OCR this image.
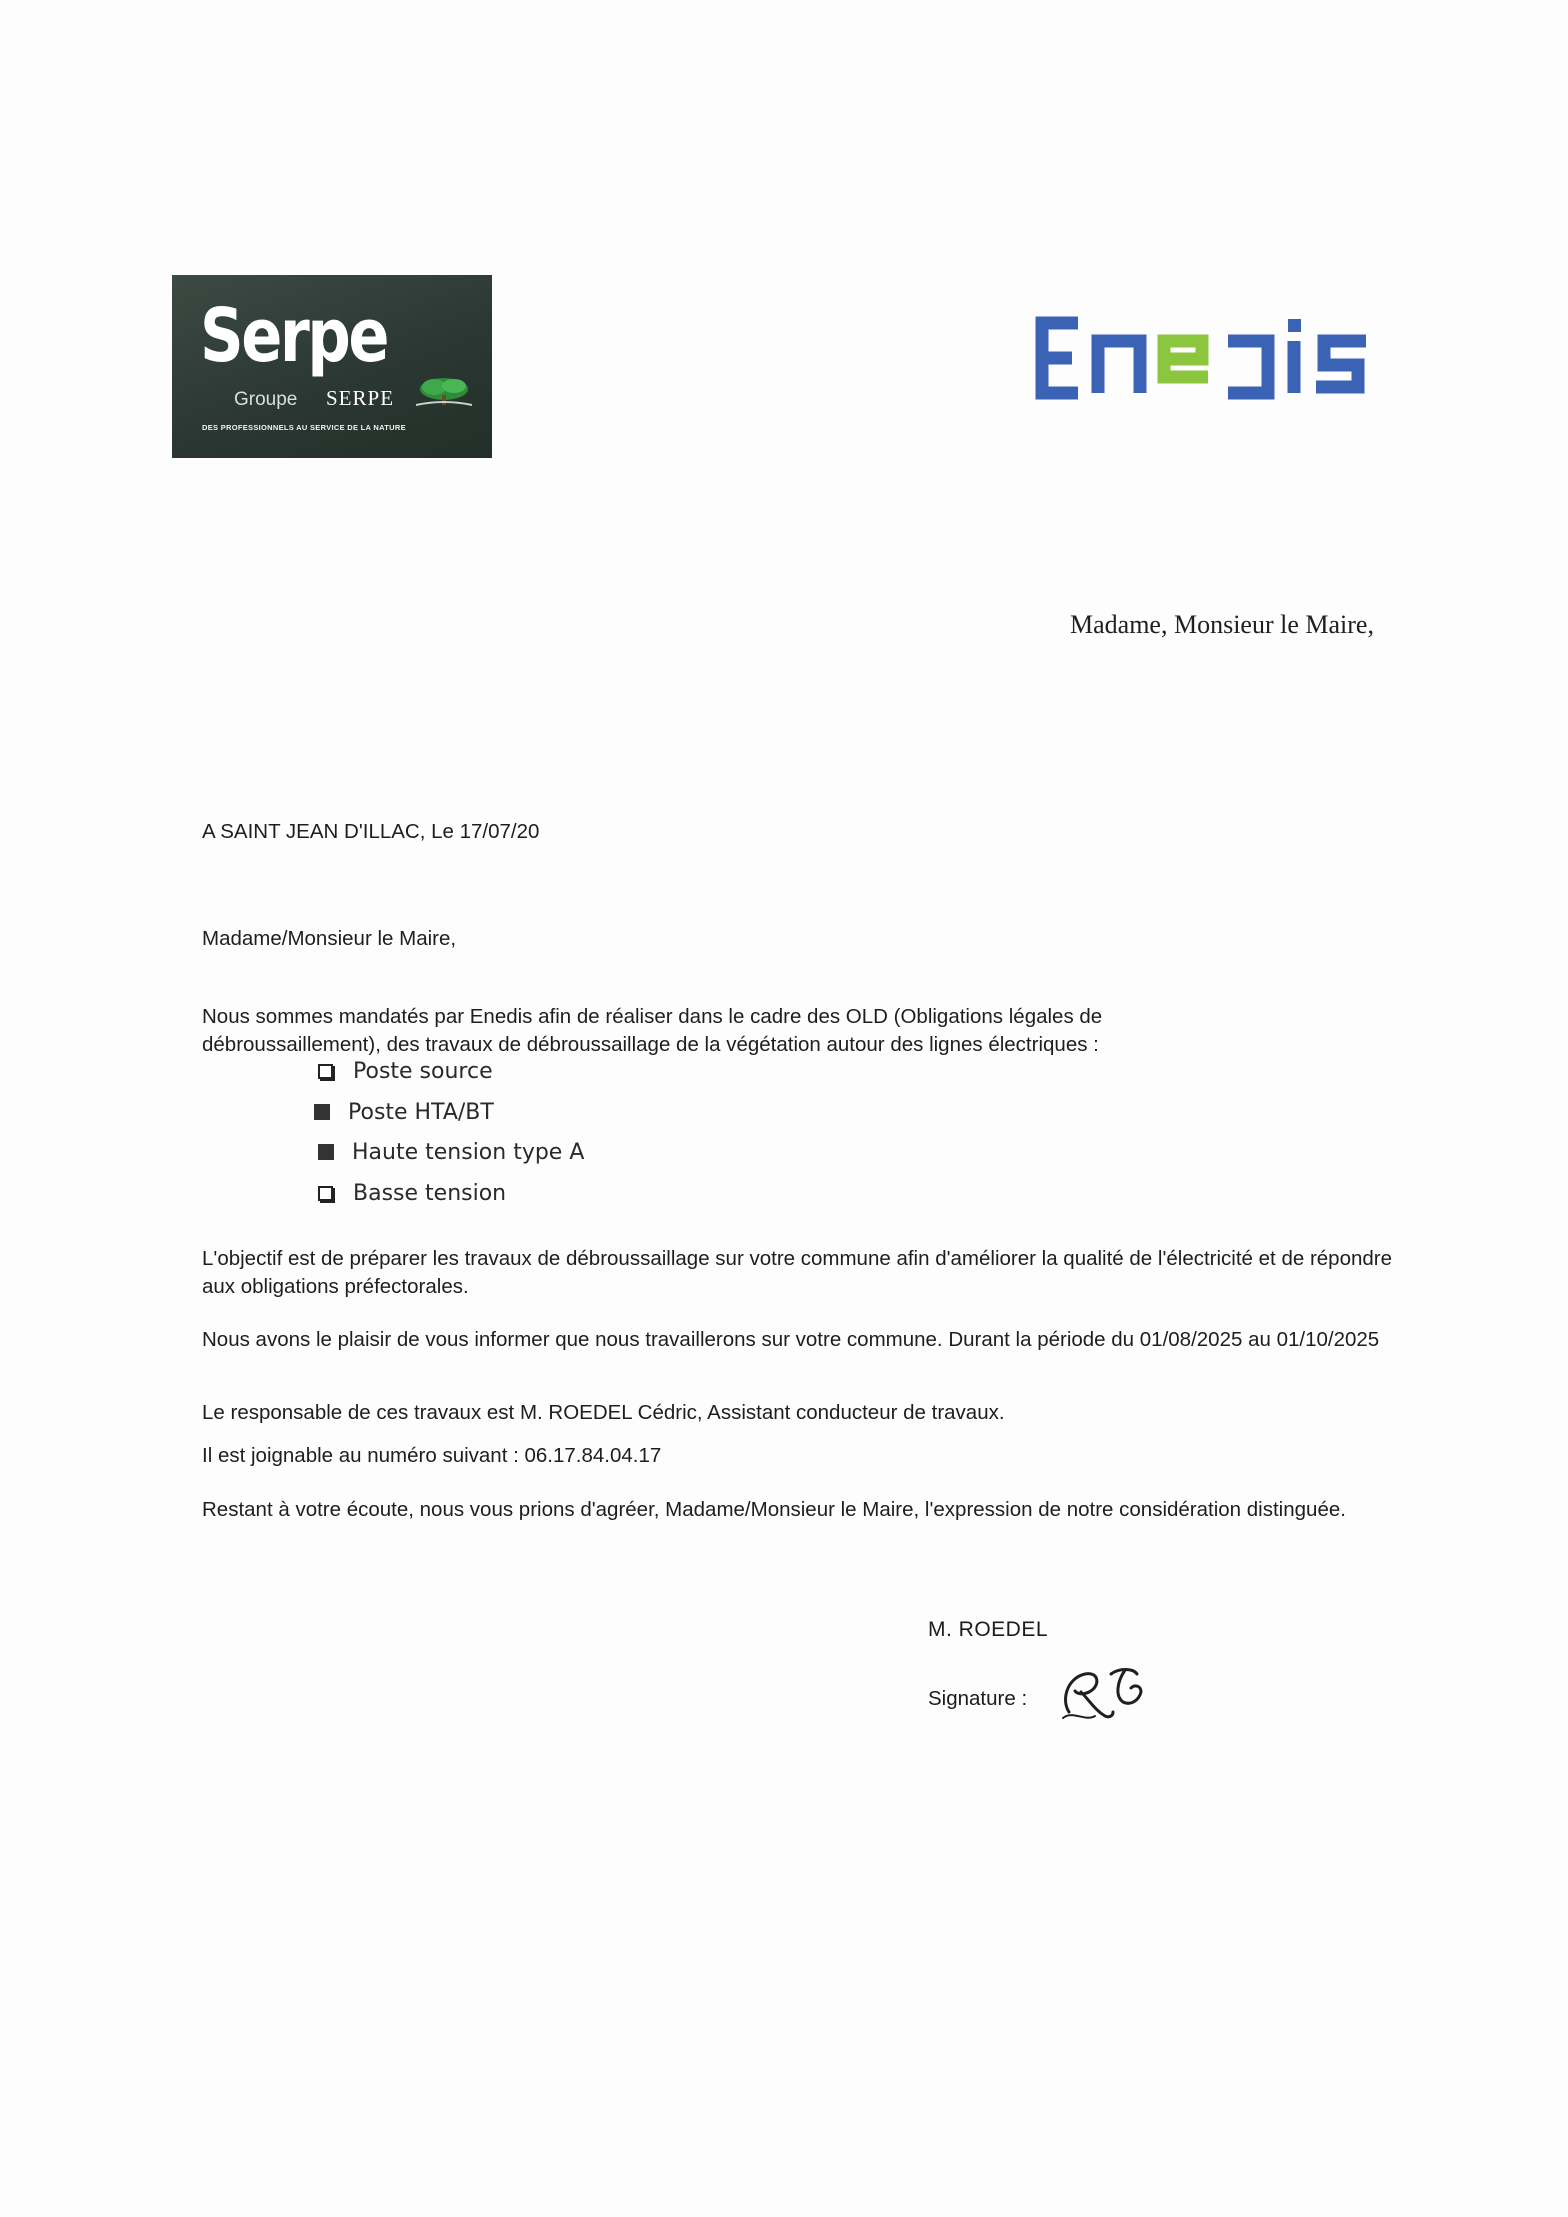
Serpe
Groupe SERPE
DES PROFESSIONNELS AU SERVICE DE LA NATURE
Madame, Monsieur le Maire,
A SAINT JEAN D'ILLAC, Le 17/07/20
Madame/Monsieur le Maire,
Nous sommes mandatés par Enedis afin de réaliser dans le cadre des OLD (Obligations légales de débroussaillement), des travaux de débroussaillage de la végétation autour des lignes électriques :
Poste source
Poste HTA/BT
Haute tension type A
Basse tension
L'objectif est de préparer les travaux de débroussaillage sur votre commune afin d'améliorer la qualité de l'électricité et de répondre aux obligations préfectorales.
Nous avons le plaisir de vous informer que nous travaillerons sur votre commune. Durant la période du 01/08/2025 au 01/10/2025
Le responsable de ces travaux est M. ROEDEL Cédric, Assistant conducteur de travaux.
Il est joignable au numéro suivant : 06.17.84.04.17
Restant à votre écoute, nous vous prions d'agréer, Madame/Monsieur le Maire, l'expression de notre considération distinguée.
M. ROEDEL
Signature :
